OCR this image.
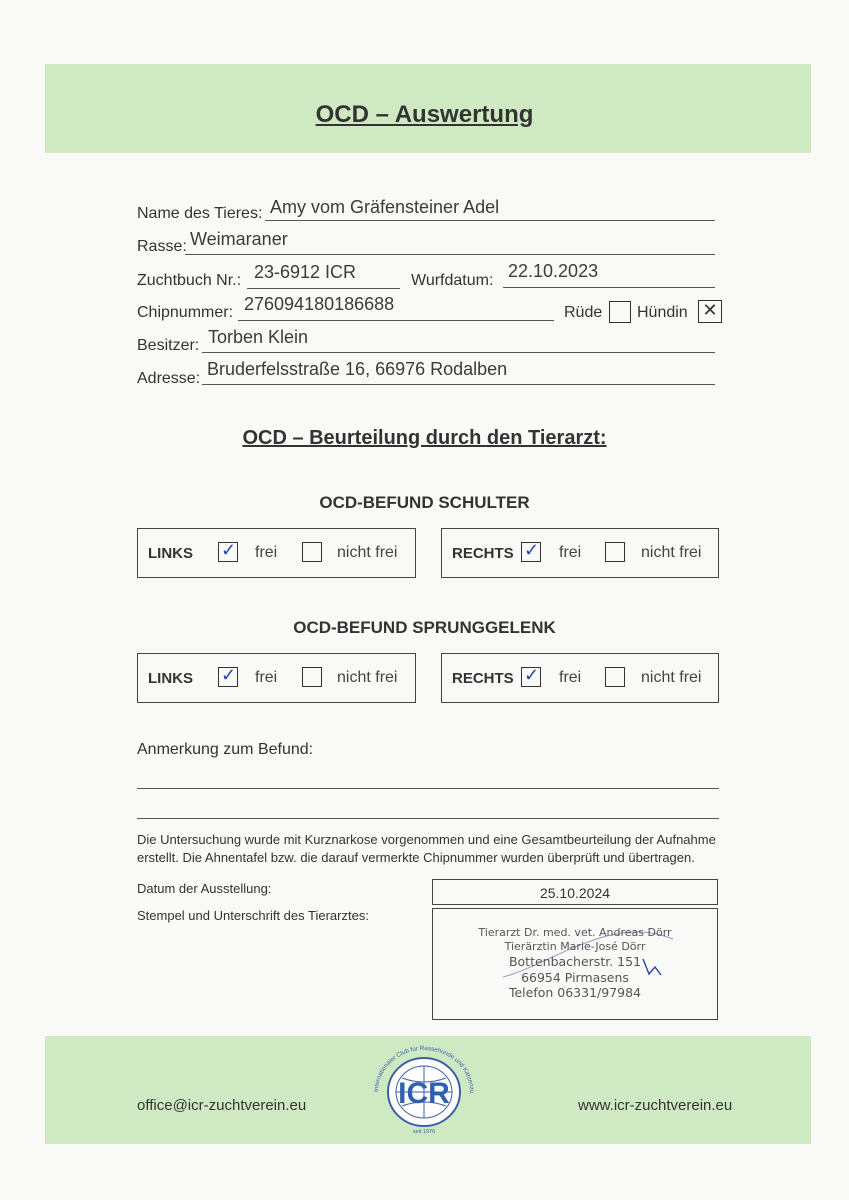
OCD – Auswertung
Name des Tieres: Amy vom Gräfensteiner Adel
Rasse: Weimaraner
Zuchtbuch Nr.: 23-6912 ICR	Wurfdatum: 22.10.2023
Chipnummer: 276094180186688	Rüde Hündin ✕
Besitzer: Torben Klein
Adresse: Bruderfelsstraße 16, 66976 Rodalben
OCD – Beurteilung durch den Tierarzt:
OCD-BEFUND SCHULTER
LINKS ✓ frei	nicht frei	RECHTS ✓ frei	nicht frei
OCD-BEFUND SPRUNGGELENK
LINKS ✓ frei	nicht frei	RECHTS ✓ frei	nicht frei
Anmerkung zum Befund:
Die Untersuchung wurde mit Kurznarkose vorgenommen und eine Gesamtbeurteilung der Aufnahme
erstellt. Die Ahnentafel bzw. die darauf vermerkte Chipnummer wurden überprüft und übertragen.
Datum der Ausstellung:	25.10.2024
Stempel und Unterschrift des Tierarztes:
Tierarzt Dr. med. vet. Andreas Dörr
Tierärztin Marie-José Dörr
Bottenbacherstr. 151
66954 Pirmasens
Telefon 06331/97984
office@icr-zuchtverein.eu	www.icr-zuchtverein.eu
ICR
Internationaler Club für Rassehunde und Katzenzu
seit 1976
